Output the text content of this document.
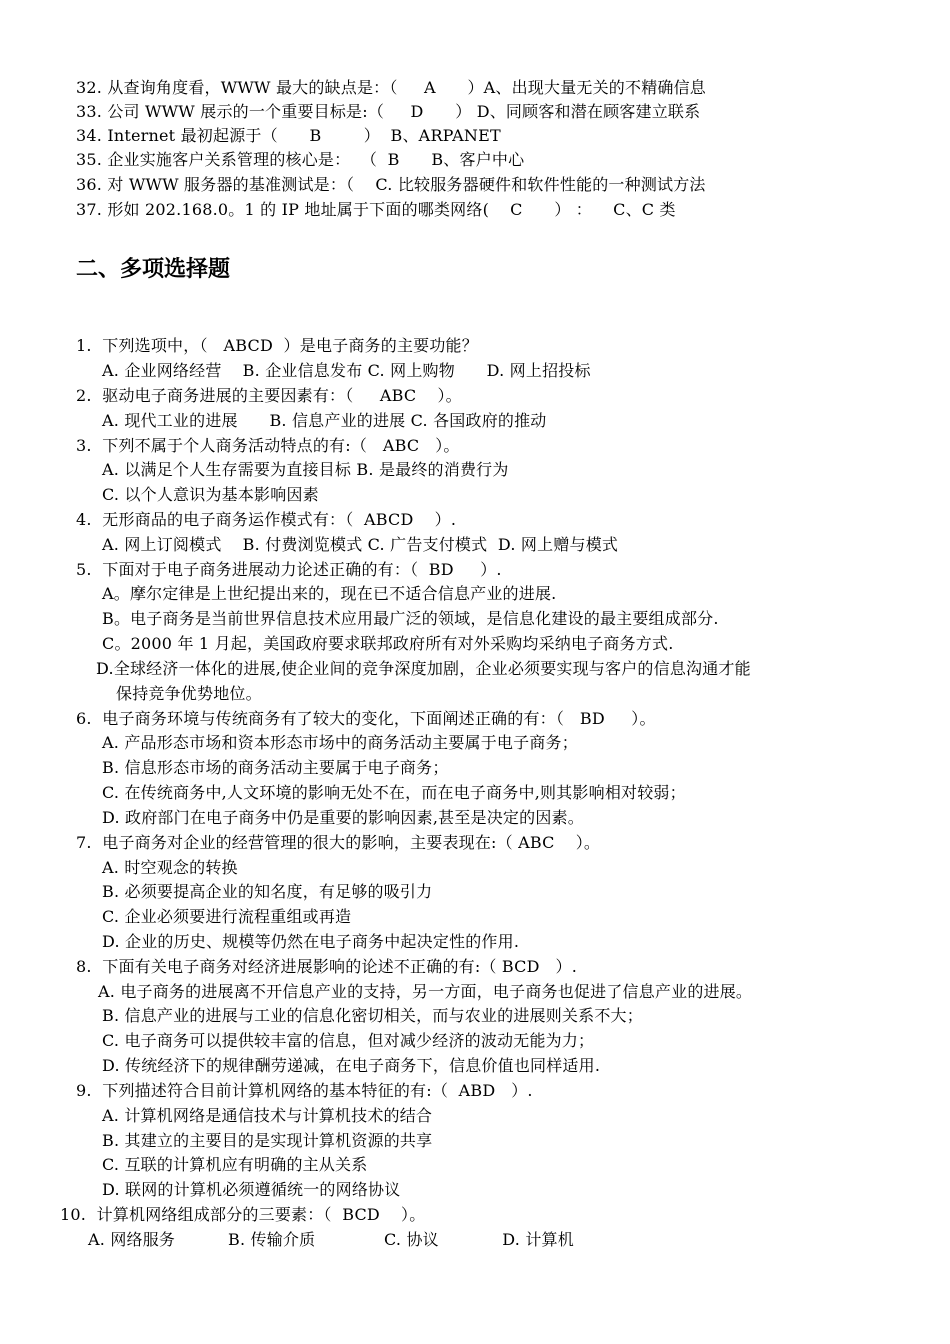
32. 从查询角度看，WWW 最大的缺点是：（     A      ）A、出现大量无关的不精确信息
33. 公司 WWW 展示的一个重要目标是:（     D      ） D、同顾客和潜在顾客建立联系
34. Internet 最初起源于（      B        ）  B、ARPANET
35. 企业实施客户关系管理的核心是：  （  B      B、客户中心
36. 对 WWW 服务器的基准测试是：（    C. 比较服务器硬件和软件性能的一种测试方法
37. 形如 202.168.0。1 的 IP 地址属于下面的哪类网络(    C      ） ：    C、C 类
二、多项选择题
1.  下列选项中，（   ABCD  ）是电子商务的主要功能？
A. 企业网络经营    B. 企业信息发布 C. 网上购物      D. 网上招投标
2.  驱动电子商务进展的主要因素有：（     ABC    ）。
A. 现代工业的进展      B. 信息产业的进展 C. 各国政府的推动
3.  下列不属于个人商务活动特点的有:（   ABC   ）。
A. 以满足个人生存需要为直接目标 B. 是最终的消费行为
C. 以个人意识为基本影响因素
4.  无形商品的电子商务运作模式有：（  ABCD    ）.
A. 网上订阅模式    B. 付费浏览模式 C. 广告支付模式  D. 网上赠与模式
5.  下面对于电子商务进展动力论述正确的有：（  BD     ）.
A。摩尔定律是上世纪提出来的，现在已不适合信息产业的进展.
B。电子商务是当前世界信息技术应用最广泛的领域，是信息化建设的最主要组成部分.
C。2000 年 1 月起，美国政府要求联邦政府所有对外采购均采纳电子商务方式.
D.全球经济一体化的进展,使企业间的竞争深度加剧，企业必须要实现与客户的信息沟通才能
保持竞争优势地位。
6.  电子商务环境与传统商务有了较大的变化，下面阐述正确的有：（   BD     ）。
A. 产品形态市场和资本形态市场中的商务活动主要属于电子商务；
B. 信息形态市场的商务活动主要属于电子商务；
C. 在传统商务中,人文环境的影响无处不在，而在电子商务中,则其影响相对较弱；
D. 政府部门在电子商务中仍是重要的影响因素,甚至是决定的因素。
7.  电子商务对企业的经营管理的很大的影响，主要表现在:（ ABC    ）。
A. 时空观念的转换
B. 必须要提高企业的知名度，有足够的吸引力
C. 企业必须要进行流程重组或再造
D. 企业的历史、规模等仍然在电子商务中起决定性的作用.
8.  下面有关电子商务对经济进展影响的论述不正确的有:（ BCD   ）.
A. 电子商务的进展离不开信息产业的支持，另一方面，电子商务也促进了信息产业的进展。
B. 信息产业的进展与工业的信息化密切相关，而与农业的进展则关系不大；
C. 电子商务可以提供较丰富的信息，但对减少经济的波动无能为力；
D. 传统经济下的规律酬劳递减，在电子商务下，信息价值也同样适用.
9.  下列描述符合目前计算机网络的基本特征的有:（  ABD   ）.
A. 计算机网络是通信技术与计算机技术的结合
B. 其建立的主要目的是实现计算机资源的共享
C. 互联的计算机应有明确的主从关系
D. 联网的计算机必须遵循统一的网络协议
10.  计算机网络组成部分的三要素：（  BCD    ）。
A. 网络服务          B. 传输介质             C. 协议            D. 计算机
